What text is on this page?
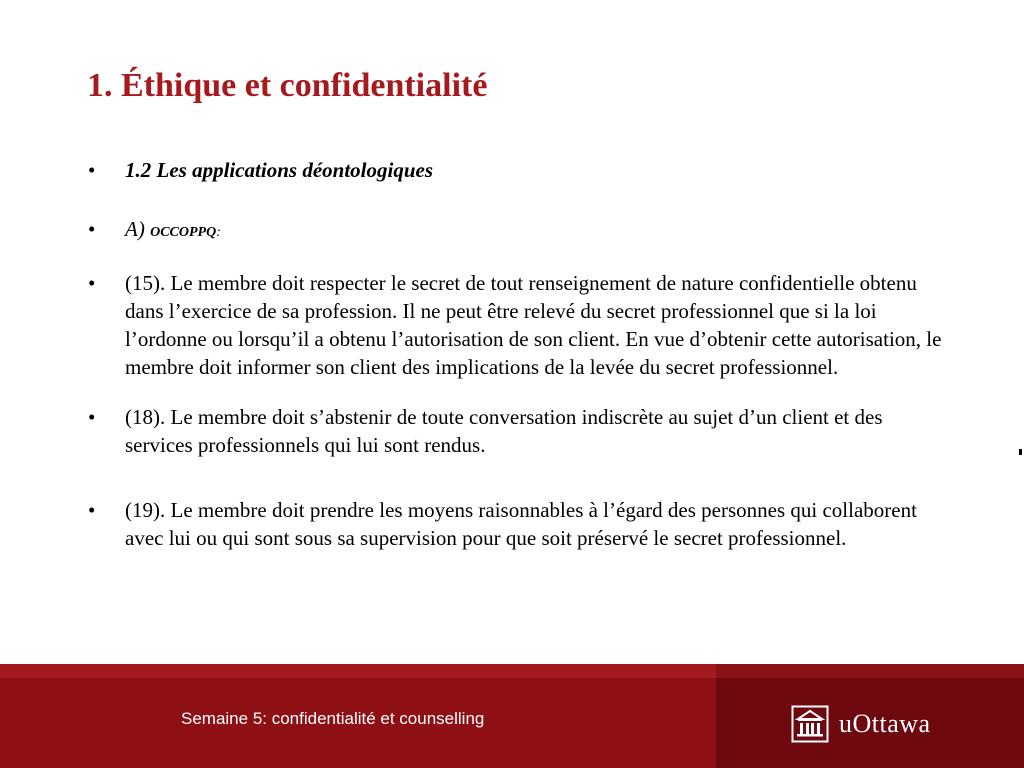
1. Éthique et confidentialité
• 1.2 Les applications déontologiques
• A) OCCOPPQ:
• (15). Le membre doit respecter le secret de tout renseignement de nature confidentielle obtenu dans l’exercice de sa profession. Il ne peut être relevé du secret professionnel que si la loi l’ordonne ou lorsqu’il a obtenu l’autorisation de son client. En vue d’obtenir cette autorisation, le membre doit informer son client des implications de la levée du secret professionnel.
• (18). Le membre doit s’abstenir de toute conversation indiscrète au sujet d’un client et des services professionnels qui lui sont rendus.
• (19). Le membre doit prendre les moyens raisonnables à l’égard des personnes qui collaborent avec lui ou qui sont sous sa supervision pour que soit préservé le secret professionnel.
Semaine 5: confidentialité et counselling	uOttawa
